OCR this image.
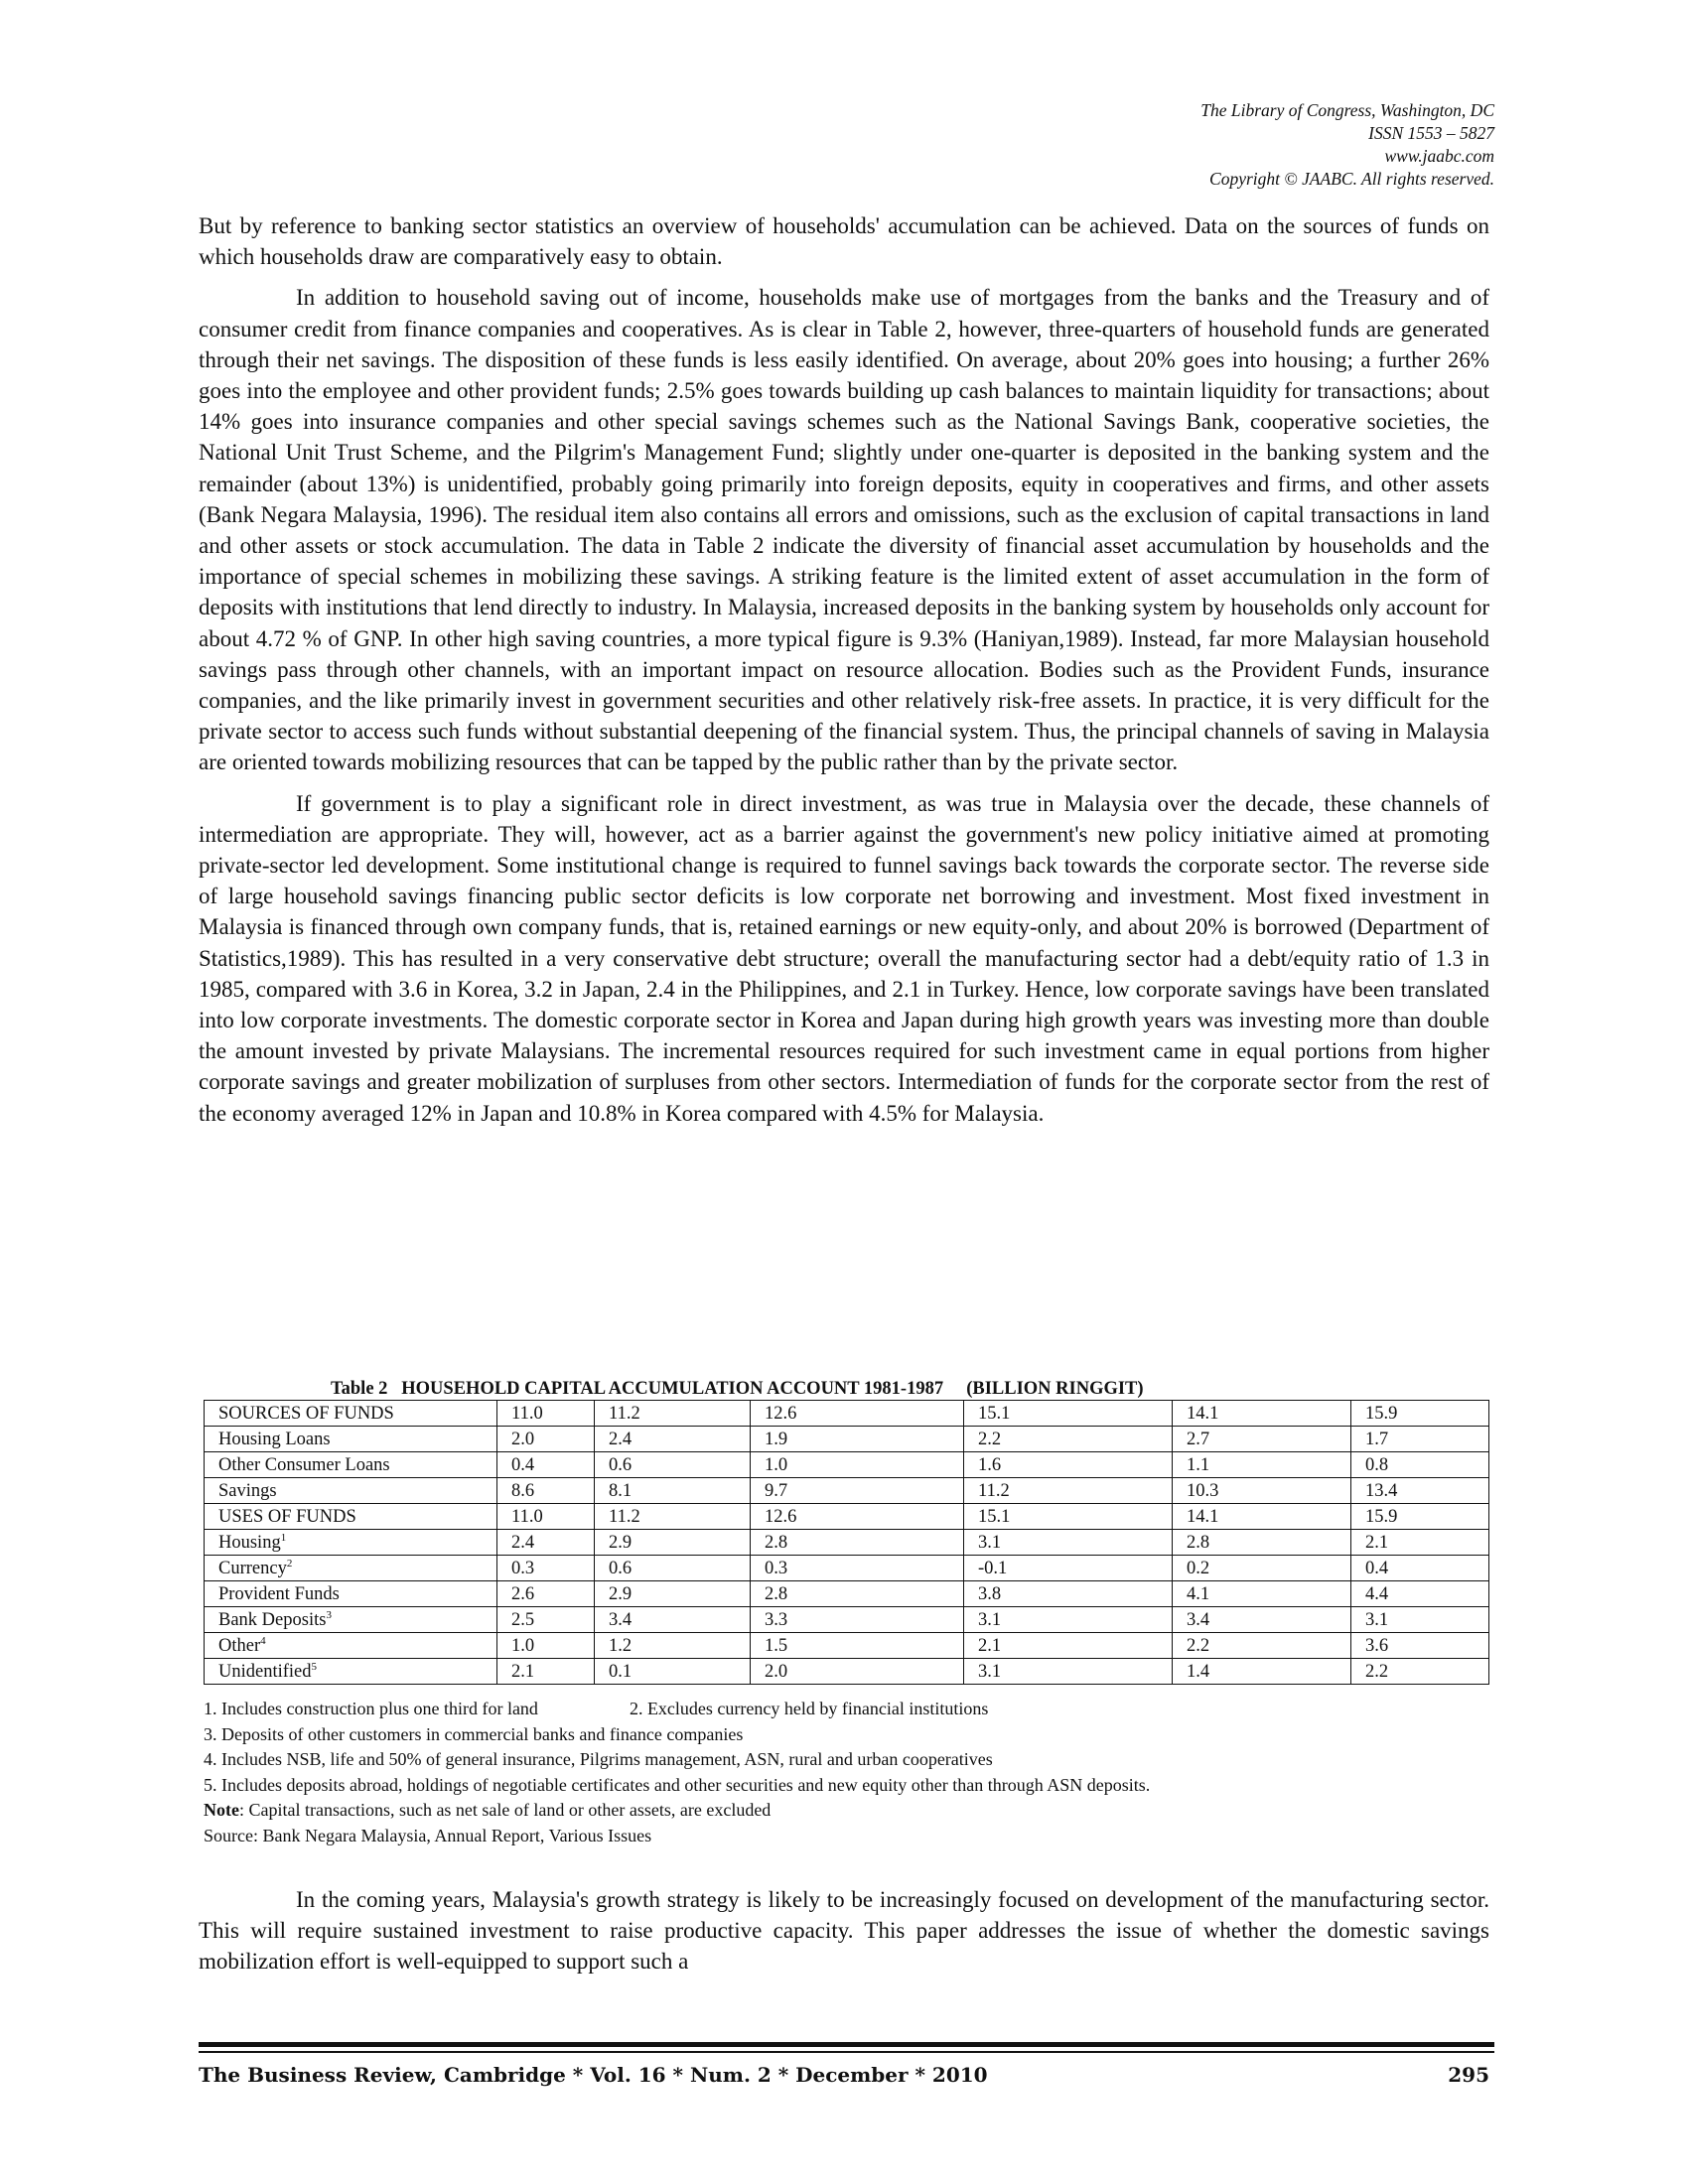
The Library of Congress, Washington, DC
ISSN 1553 – 5827
www.jaabc.com
Copyright © JAABC. All rights reserved.

But by reference to banking sector statistics an overview of households' accumulation can be achieved. Data on the sources of funds on which households draw are comparatively easy to obtain.

In addition to household saving out of income, households make use of mortgages from the banks and the Treasury and of consumer credit from finance companies and cooperatives. As is clear in Table 2, however, three-quarters of household funds are generated through their net savings. The disposition of these funds is less easily identified. On average, about 20% goes into housing; a further 26% goes into the employee and other provident funds; 2.5% goes towards building up cash balances to maintain liquidity for transactions; about 14% goes into insurance companies and other special savings schemes such as the National Savings Bank, cooperative societies, the National Unit Trust Scheme, and the Pilgrim's Management Fund; slightly under one-quarter is deposited in the banking system and the remainder (about 13%) is unidentified, probably going primarily into foreign deposits, equity in cooperatives and firms, and other assets (Bank Negara Malaysia, 1996). The residual item also contains all errors and omissions, such as the exclusion of capital transactions in land and other assets or stock accumulation. The data in Table 2 indicate the diversity of financial asset accumulation by households and the importance of special schemes in mobilizing these savings. A striking feature is the limited extent of asset accumulation in the form of deposits with institutions that lend directly to industry. In Malaysia, increased deposits in the banking system by households only account for about 4.72 % of GNP. In other high saving countries, a more typical figure is 9.3% (Haniyan,1989). Instead, far more Malaysian household savings pass through other channels, with an important impact on resource allocation. Bodies such as the Provident Funds, insurance companies, and the like primarily invest in government securities and other relatively risk-free assets. In practice, it is very difficult for the private sector to access such funds without substantial deepening of the financial system. Thus, the principal channels of saving in Malaysia are oriented towards mobilizing resources that can be tapped by the public rather than by the private sector.

If government is to play a significant role in direct investment, as was true in Malaysia over the decade, these channels of intermediation are appropriate. They will, however, act as a barrier against the government's new policy initiative aimed at promoting private-sector led development. Some institutional change is required to funnel savings back towards the corporate sector. The reverse side of large household savings financing public sector deficits is low corporate net borrowing and investment. Most fixed investment in Malaysia is financed through own company funds, that is, retained earnings or new equity-only, and about 20% is borrowed (Department of Statistics,1989). This has resulted in a very conservative debt structure; overall the manufacturing sector had a debt/equity ratio of 1.3 in 1985, compared with 3.6 in Korea, 3.2 in Japan, 2.4 in the Philippines, and 2.1 in Turkey. Hence, low corporate savings have been translated into low corporate investments. The domestic corporate sector in Korea and Japan during high growth years was investing more than double the amount invested by private Malaysians. The incremental resources required for such investment came in equal portions from higher corporate savings and greater mobilization of surpluses from other sectors. Intermediation of funds for the corporate sector from the rest of the economy averaged 12% in Japan and 10.8% in Korea compared with 4.5% for Malaysia.

Table 2   HOUSEHOLD CAPITAL ACCUMULATION ACCOUNT 1981-1987     (BILLION RINGGIT)
SOURCES OF FUNDS	11.0	11.2	12.6	15.1	14.1	15.9
Housing Loans	2.0	2.4	1.9	2.2	2.7	1.7
Other Consumer Loans	0.4	0.6	1.0	1.6	1.1	0.8
Savings	8.6	8.1	9.7	11.2	10.3	13.4
USES OF FUNDS	11.0	11.2	12.6	15.1	14.1	15.9
Housing$^1$	2.4	2.9	2.8	3.1	2.8	2.1
Currency$^2$	0.3	0.6	0.3	-0.1	0.2	0.4
Provident Funds	2.6	2.9	2.8	3.8	4.1	4.4
Bank Deposits$^3$	2.5	3.4	3.3	3.1	3.4	3.1
Other$^4$	1.0	1.2	1.5	2.1	2.2	3.6
Unidentified$^5$	2.1	0.1	2.0	3.1	1.4	2.2
1. Includes construction plus one third for land	2. Excludes currency held by financial institutions
3. Deposits of other customers in commercial banks and finance companies
4. Includes NSB, life and 50% of general insurance, Pilgrims management, ASN, rural and urban cooperatives
5. Includes deposits abroad, holdings of negotiable certificates and other securities and new equity other than through ASN deposits.
Note: Capital transactions, such as net sale of land or other assets, are excluded
Source: Bank Negara Malaysia, Annual Report, Various Issues

In the coming years, Malaysia's growth strategy is likely to be increasingly focused on development of the manufacturing sector. This will require sustained investment to raise productive capacity. This paper addresses the issue of whether the domestic savings mobilization effort is well-equipped to support such a

The Business Review, Cambridge * Vol. 16 * Num. 2 * December * 2010	295
